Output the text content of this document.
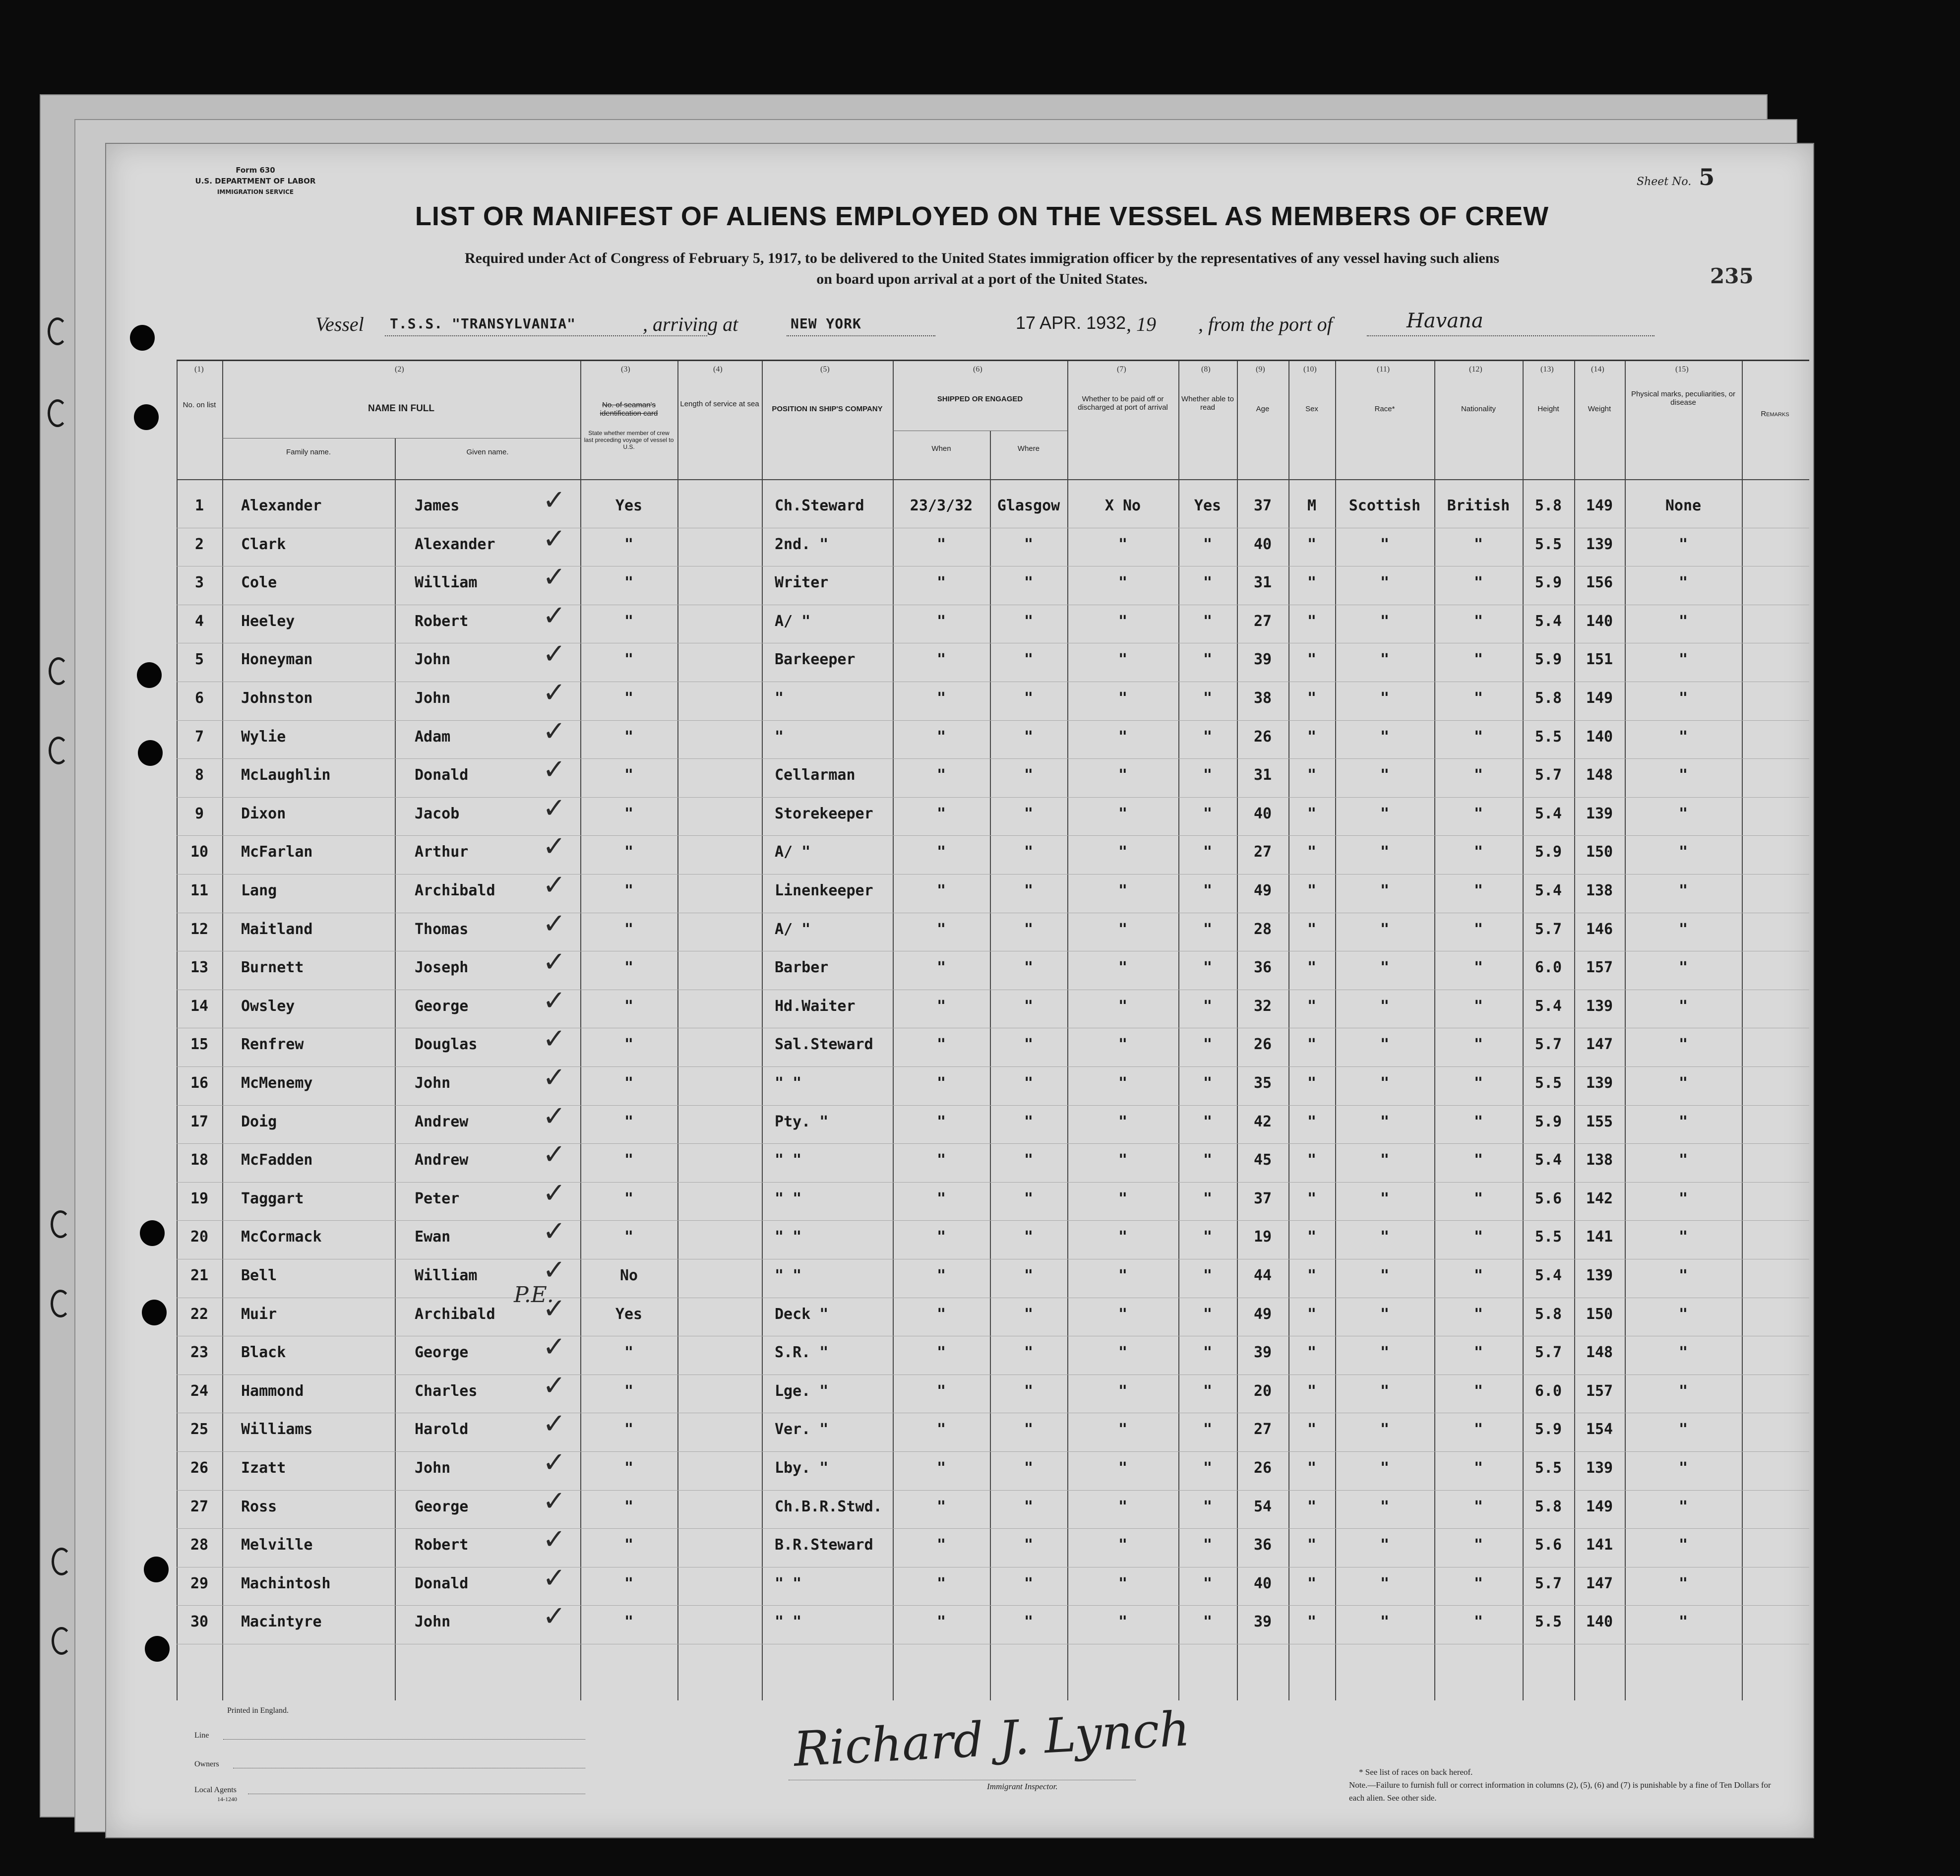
Form 630
U.S. DEPARTMENT OF LABOR
IMMIGRATION SERVICE
Sheet No. 5
235
LIST OR MANIFEST OF ALIENS EMPLOYED ON THE VESSEL AS MEMBERS OF CREW
Required under Act of Congress of February 5, 1917, to be delivered to the United States immigration officer by the representatives of any vessel having such aliens
on board upon arrival at a port of the United States.
Vessel T.S.S. "TRANSYLVANIA"	, arriving at	NEW YORK	17 APR. 1932 , 19 , from the port of	Havana
(1)	(2)	(3)	(4)	(5)	(6)	(7)	(8)	(9)	(10)	(11)	(12)	(13)	(14)	(15)
No. on list	NAME IN FULL
Family name.	Given name.
No. of seaman's identification card
State whether member of crew last preceding voyage of vessel to U.S.
Length of service at sea
POSITION IN SHIP'S COMPANY
SHIPPED OR ENGAGED
When	Where
Whether to be paid off or discharged at port of arrival
Whether able to read	Age	Sex	Race*	Nationality	Height	Weight
Physical marks, peculiarities, or disease
Remarks
1	Alexander	James	Yes	Ch.Steward	23/3/32	Glasgow	X No	Yes	37	M	Scottish	British	5.8	149	None
✓
2	Clark	Alexander	"	2nd. "	"	"	"	"	40	"	"	"	5.5	139	"
✓
3	Cole	William	"	Writer	"	"	"	"	31	"	"	"	5.9	156	"
✓
4	Heeley	Robert	"	A/ "	"	"	"	"	27	"	"	"	5.4	140	"
✓
5	Honeyman	John	"	Barkeeper	"	"	"	"	39	"	"	"	5.9	151	"
✓
6	Johnston	John	"	"	"	"	"	"	38	"	"	"	5.8	149	"
✓
7	Wylie	Adam	"	"	"	"	"	"	26	"	"	"	5.5	140	"
✓
8	McLaughlin	Donald	"	Cellarman	"	"	"	"	31	"	"	"	5.7	148	"
✓
9	Dixon	Jacob	"	Storekeeper	"	"	"	"	40	"	"	"	5.4	139	"
✓
10	McFarlan	Arthur	"	A/ "	"	"	"	"	27	"	"	"	5.9	150	"
✓
11	Lang	Archibald	"	Linenkeeper	"	"	"	"	49	"	"	"	5.4	138	"
✓
12	Maitland	Thomas	"	A/ "	"	"	"	"	28	"	"	"	5.7	146	"
✓
13	Burnett	Joseph	"	Barber	"	"	"	"	36	"	"	"	6.0	157	"
✓
14	Owsley	George	"	Hd.Waiter	"	"	"	"	32	"	"	"	5.4	139	"
✓
15	Renfrew	Douglas	"	Sal.Steward	"	"	"	"	26	"	"	"	5.7	147	"
✓
16	McMenemy	John	"	" "	"	"	"	"	35	"	"	"	5.5	139	"
✓
17	Doig	Andrew	"	Pty. "	"	"	"	"	42	"	"	"	5.9	155	"
✓
18	McFadden	Andrew	"	" "	"	"	"	"	45	"	"	"	5.4	138	"
✓
19	Taggart	Peter	"	" "	"	"	"	"	37	"	"	"	5.6	142	"
✓
20	McCormack	Ewan	"	" "	"	"	"	"	19	"	"	"	5.5	141	"
✓
21	Bell	William	No	" "	"	"	"	"	44	"	"	"	5.4	139	"
✓
22	Muir	Archibald	Yes	Deck "	"	"	"	"	49	"	"	"	5.8	150	"
✓
23	Black	George	"	S.R. "	"	"	"	"	39	"	"	"	5.7	148	"
✓
24	Hammond	Charles	"	Lge. "	"	"	"	"	20	"	"	"	6.0	157	"
✓
25	Williams	Harold	"	Ver. "	"	"	"	"	27	"	"	"	5.9	154	"
✓
26	Izatt	John	"	Lby. "	"	"	"	"	26	"	"	"	5.5	139	"
✓
27	Ross	George	"	Ch.B.R.Stwd.	"	"	"	"	54	"	"	"	5.8	149	"
✓
28	Melville	Robert	"	B.R.Steward	"	"	"	"	36	"	"	"	5.6	141	"
✓
29	Machintosh	Donald	"	" "	"	"	"	"	40	"	"	"	5.7	147	"
✓
30	Macintyre	John	"	" "	"	"	"	"	39	"	"	"	5.5	140	"
✓
P.E.
Printed in England.
Line
Owners
Local Agents
14-1240
Richard J. Lynch
Immigrant Inspector.
* See list of races on back hereof.
Note.—Failure to furnish full or correct information in columns (2), (5), (6) and (7) is punishable by a fine of Ten Dollars for each alien. See other side.
